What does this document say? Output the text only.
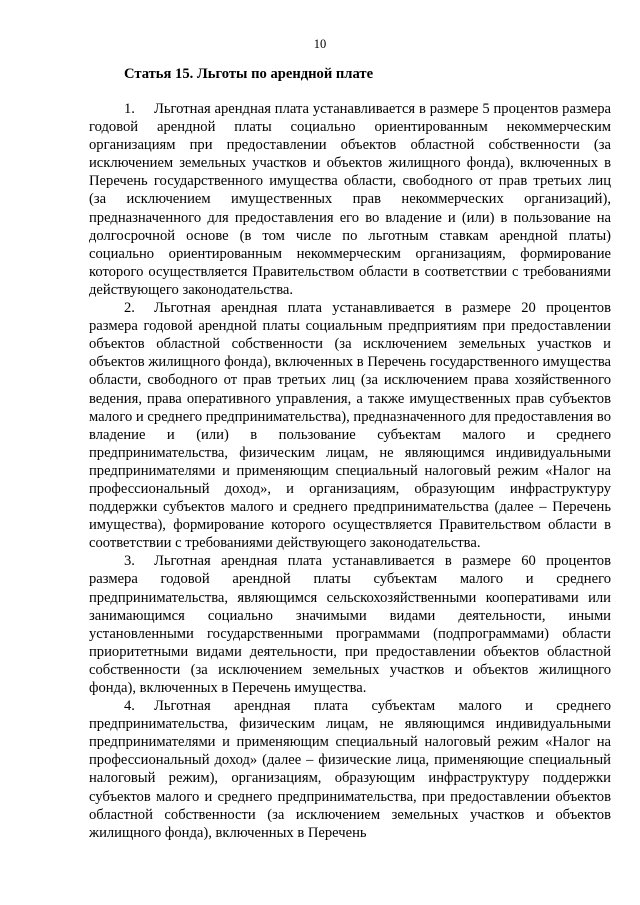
10
Статья 15. Льготы по арендной плате

1. Льготная арендная плата устанавливается в размере 5 процентов размера годовой арендной платы социально ориентированным некоммерческим организациям при предоставлении объектов областной собственности (за исключением земельных участков и объектов жилищного фонда), включенных в Перечень государственного имущества области, свободного от прав третьих лиц (за исключением имущественных прав некоммерческих организаций), предназначенного для предоставления его во владение и (или) в пользование на долгосрочной основе (в том числе по льготным ставкам арендной платы) социально ориентированным некоммерческим организациям, формирование которого осуществляется Правительством области в соответствии с требованиями действующего законодательства.

2. Льготная арендная плата устанавливается в размере 20 процентов размера годовой арендной платы социальным предприятиям при предоставлении объектов областной собственности (за исключением земельных участков и объектов жилищного фонда), включенных в Перечень государственного имущества области, свободного от прав третьих лиц (за исключением права хозяйственного ведения, права оперативного управления, а также имущественных прав субъектов малого и среднего предпринимательства), предназначенного для предоставления во владение и (или) в пользование субъектам малого и среднего предпринимательства, физическим лицам, не являющимся индивидуальными предпринимателями и применяющим специальный налоговый режим «Налог на профессиональный доход», и организациям, образующим инфраструктуру поддержки субъектов малого и среднего предпринимательства (далее – Перечень имущества), формирование которого осуществляется Правительством области в соответствии с требованиями действующего законодательства.

3. Льготная арендная плата устанавливается в размере 60 процентов размера годовой арендной платы субъектам малого и среднего предпринимательства, являющимся сельскохозяйственными кооперативами или занимающимся социально значимыми видами деятельности, иными установленными государственными программами (подпрограммами) области приоритетными видами деятельности, при предоставлении объектов областной собственности (за исключением земельных участков и объектов жилищного фонда), включенных в Перечень имущества.

4. Льготная арендная плата субъектам малого и среднего предпринимательства, физическим лицам, не являющимся индивидуальными предпринимателями и применяющим специальный налоговый режим «Налог на профессиональный доход» (далее – физические лица, применяющие специальный налоговый режим), организациям, образующим инфраструктуру поддержки субъектов малого и среднего предпринимательства, при предоставлении объектов областной собственности (за исключением земельных участков и объектов жилищного фонда), включенных в Перечень
